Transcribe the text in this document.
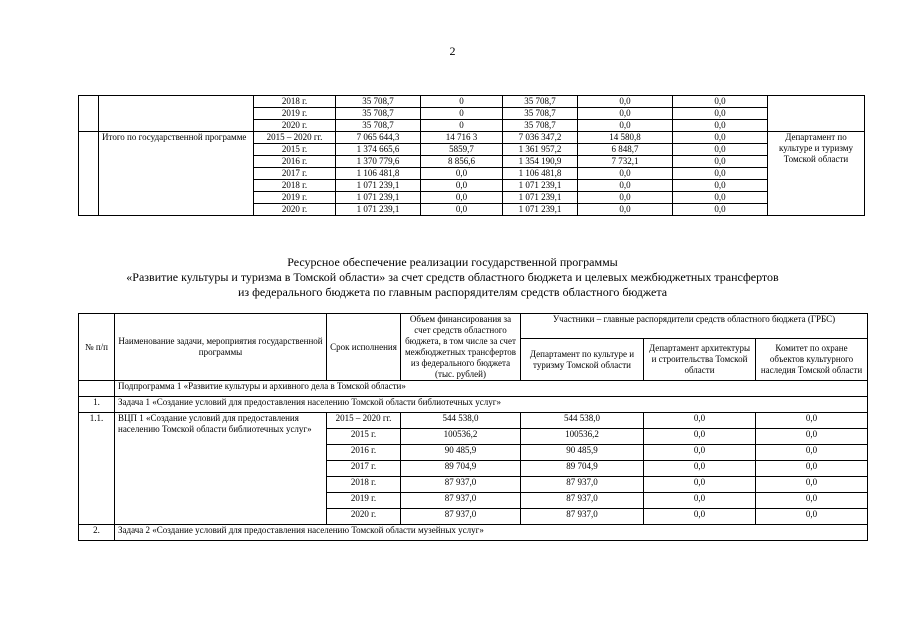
2
		2018 г.	35 708,7	0	35 708,7	0,0	0,0	
		2019 г.	35 708,7	0	35 708,7	0,0	0,0	
		2020 г.	35 708,7	0	35 708,7	0,0	0,0	
	Итого по государственной программе	2015 – 2020 гг.	7 065 644,3	14 716 3	7 036 347,2	14 580,8	0,0	Департамент по культуре и туризму Томской области
		2015 г.	1 374 665,6	5859,7	1 361 957,2	6 848,7	0,0	
		2016 г.	1 370 779,6	8 856,6	1 354 190,9	7 732,1	0,0	
		2017 г.	1 106 481,8	0,0	1 106 481,8	0,0	0,0	
		2018 г.	1 071 239,1	0,0	1 071 239,1	0,0	0,0	
		2019 г.	1 071 239,1	0,0	1 071 239,1	0,0	0,0	
		2020 г.	1 071 239,1	0,0	1 071 239,1	0,0	0,0	
Ресурсное обеспечение реализации государственной программы
«Развитие культуры и туризма в Томской области» за счет средств областного бюджета и целевых межбюджетных трансфертов
из федерального бюджета по главным распорядителям средств областного бюджета
№ п/п	Наименование задачи, мероприятия государственной программы	Срок исполнения	Объем финансирования за счет средств областного бюджета, в том числе за счет межбюджетных трансфертов из федерального бюджета (тыс. рублей)	Участники – главные распорядители средств областного бюджета (ГРБС)		
				Департамент по культуре и туризму Томской области	Департамент архитектуры и строительства Томской области	Комитет по охране объектов культурного наследия Томской области
	Подпрограмма 1 «Развитие культуры и архивного дела в Томской области»					
1.	Задача 1 «Создание условий для предоставления населению Томской области библиотечных услуг»					
1.1.	ВЦП 1 «Создание условий для предоставления населению Томской области библиотечных услуг»	2015 – 2020 гг.	544 538,0	544 538,0	0,0	0,0
		2015 г.	100536,2	100536,2	0,0	0,0
		2016 г.	90 485,9	90 485,9	0,0	0,0
		2017 г.	89 704,9	89 704,9	0,0	0,0
		2018 г.	87 937,0	87 937,0	0,0	0,0
		2019 г.	87 937,0	87 937,0	0,0	0,0
		2020 г.	87 937,0	87 937,0	0,0	0,0
2.	Задача 2 «Создание условий для предоставления населению Томской области музейных услуг»					
